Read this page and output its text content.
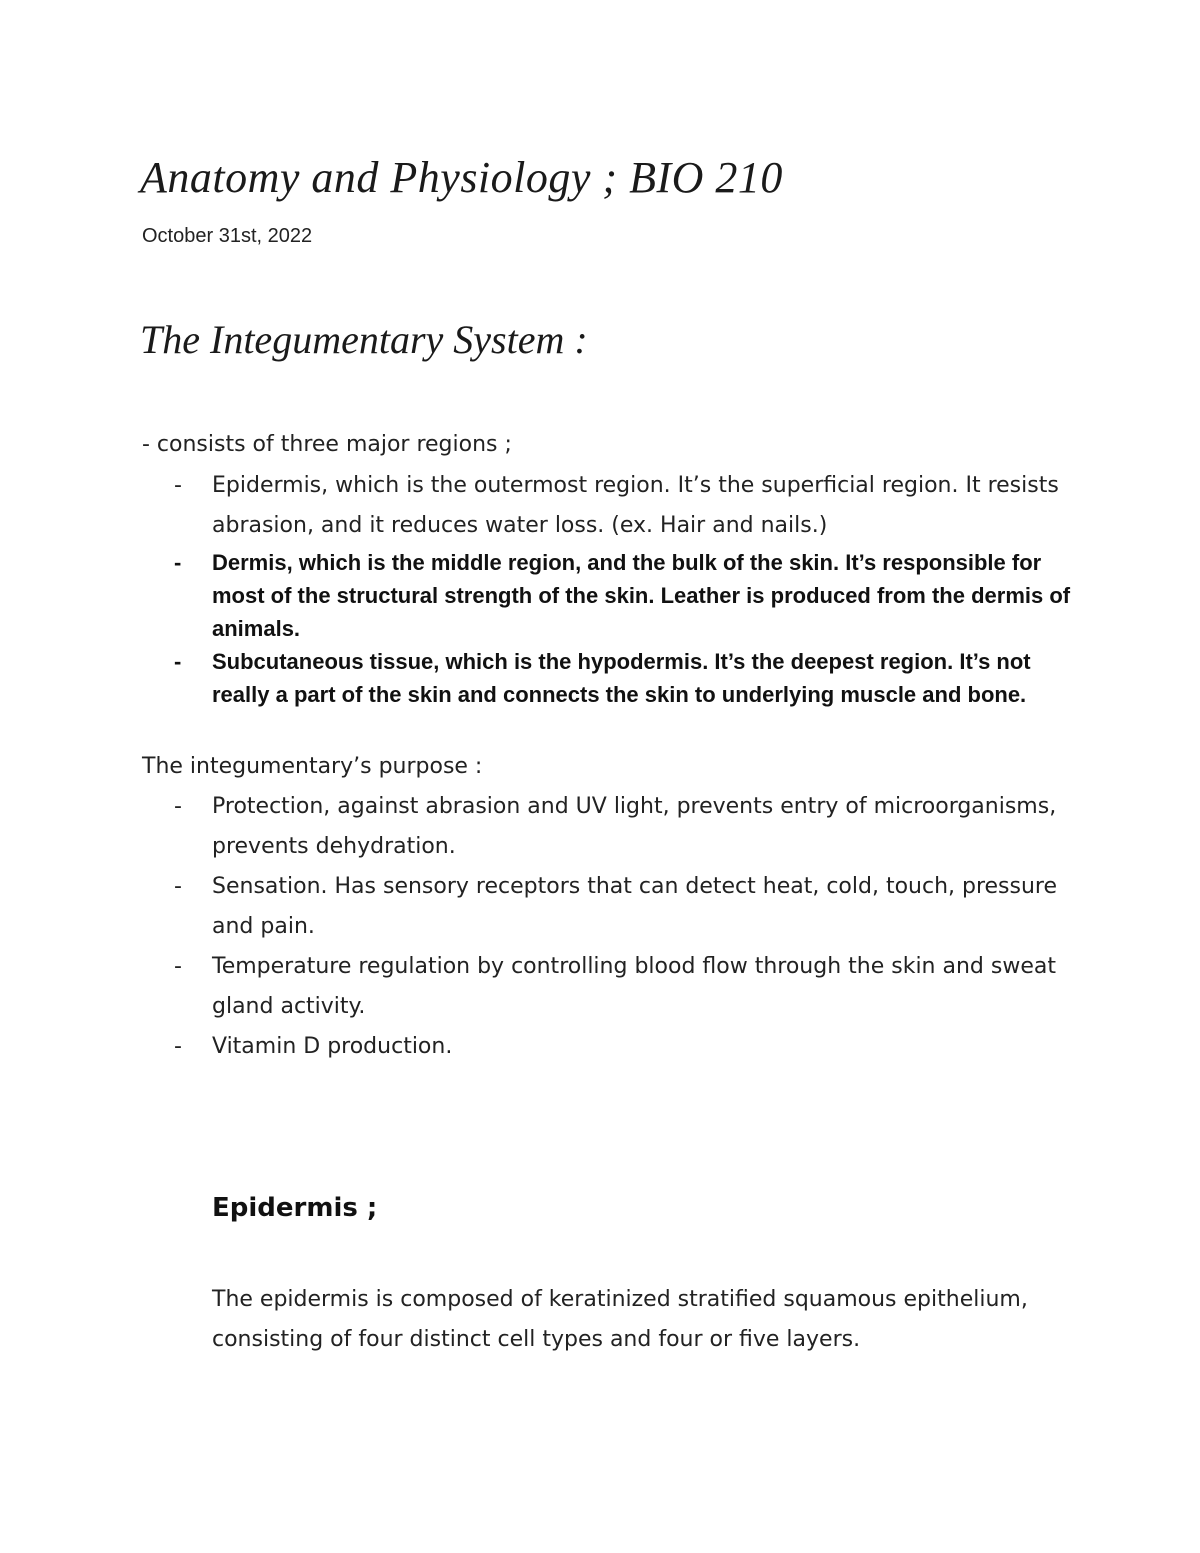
Anatomy and Physiology ; BIO 210
October 31st, 2022
The Integumentary System :
- consists of three major regions ;
- Epidermis, which is the outermost region. It’s the superficial region. It resists abrasion, and it reduces water loss. (ex. Hair and nails.)
- Dermis, which is the middle region, and the bulk of the skin. It’s responsible for most of the structural strength of the skin. Leather is produced from the dermis of animals.
- Subcutaneous tissue, which is the hypodermis. It’s the deepest region. It’s not really a part of the skin and connects the skin to underlying muscle and bone.
The integumentary’s purpose :
- Protection, against abrasion and UV light, prevents entry of microorganisms, prevents dehydration.
- Sensation. Has sensory receptors that can detect heat, cold, touch, pressure and pain.
- Temperature regulation by controlling blood flow through the skin and sweat gland activity.
- Vitamin D production.
Epidermis ;

The epidermis is composed of keratinized stratified squamous epithelium, consisting of four distinct cell types and four or five layers.
